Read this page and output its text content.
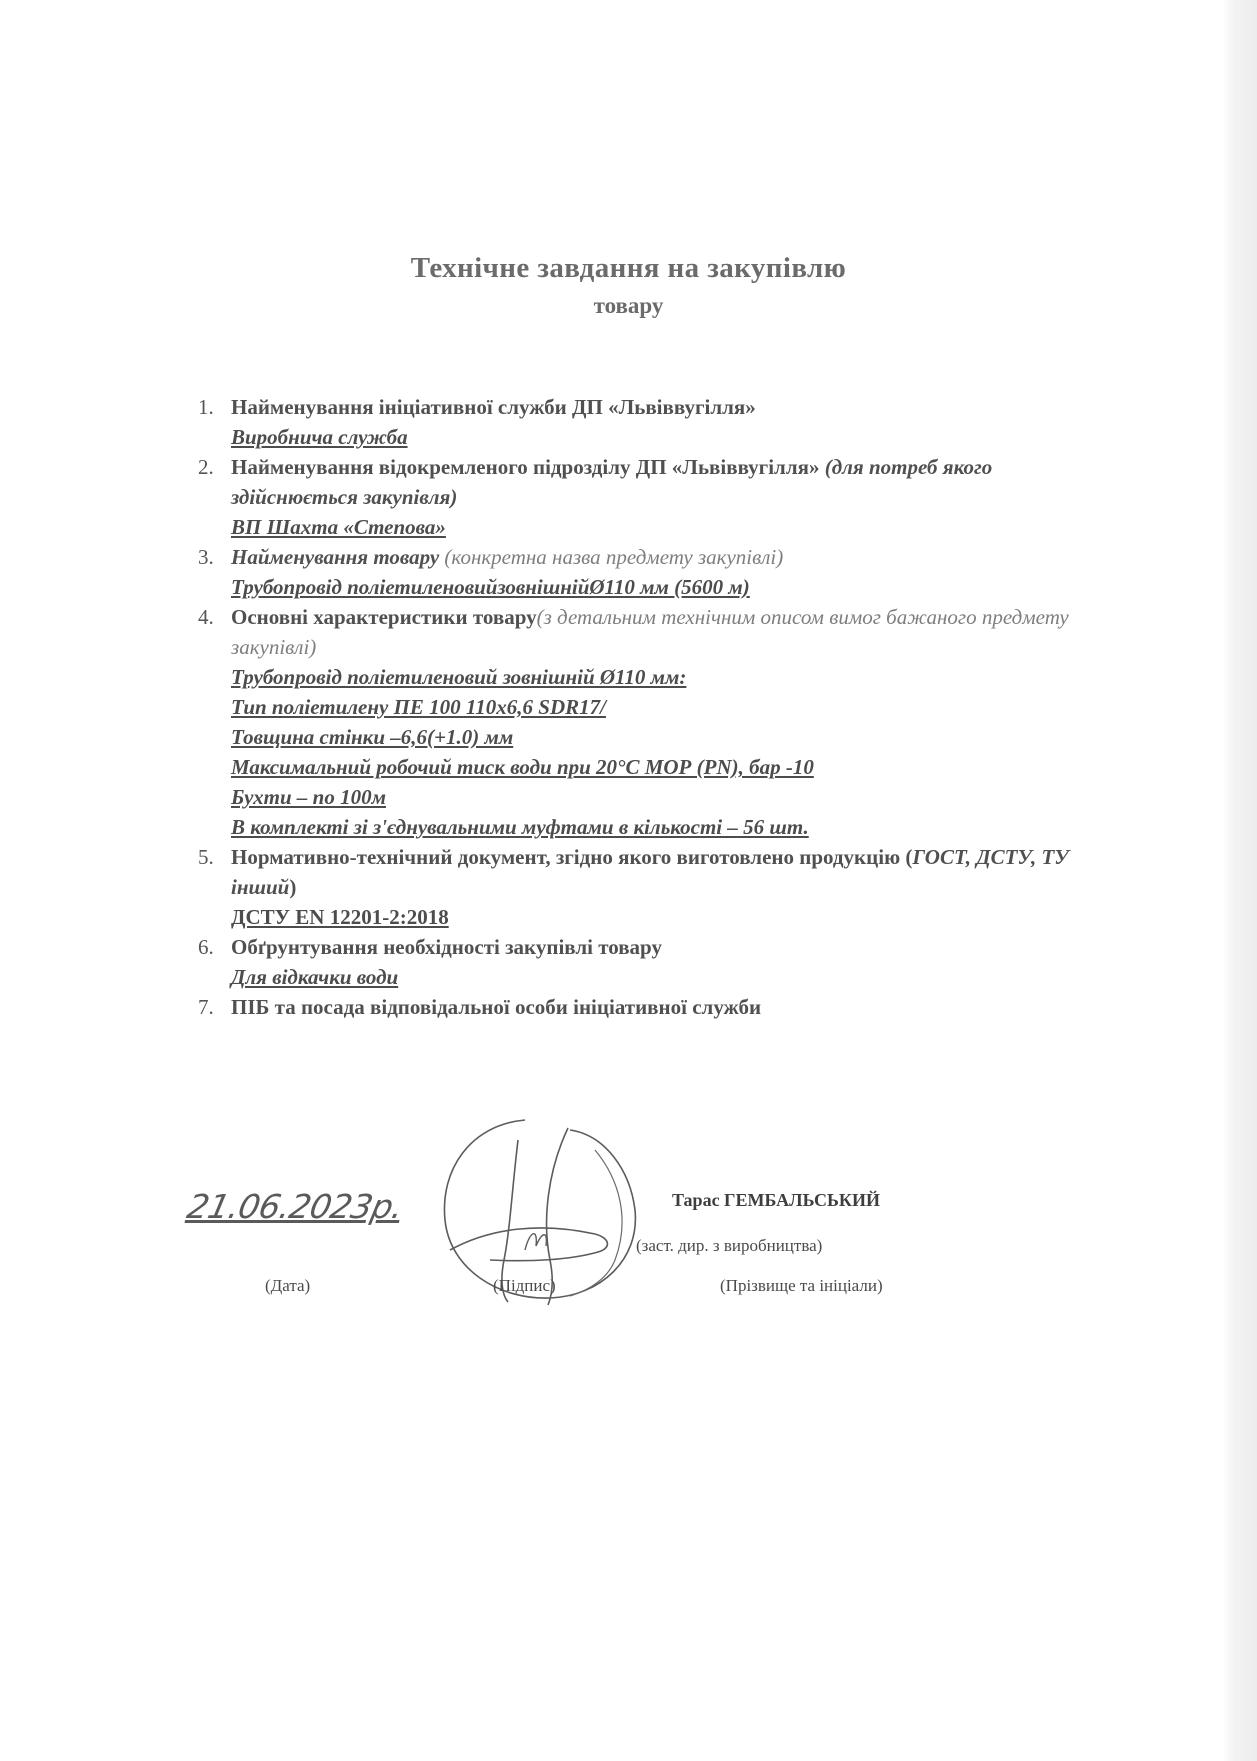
Технічне завдання на закупівлю
товару
1. Найменування ініціативної служби ДП «Львіввугілля»
Виробнича служба
2. Найменування відокремленого підрозділу ДП «Львіввугілля» (для потреб якого здійснюється закупівля)
ВП Шахта «Степова»
3. Найменування товару (конкретна назва предмету закупівлі)
Трубопровід поліетиленовийзовнішнійØ110 мм (5600 м)
4. Основні характеристики товару(з детальним технічним описом вимог бажаного предмету закупівлі)
Трубопровід поліетиленовий зовнішній Ø110 мм:
Тип поліетилену ПЕ 100 110х6,6 SDR17/
Товщина стінки –6,6(+1.0) мм
Максимальний робочий тиск води при 20°С МОР (PN), бар -10
Бухти – по 100м
В комплекті зі з'єднувальними муфтами в кількості – 56 шт.
5. Нормативно-технічний документ, згідно якого виготовлено продукцію (ГОСТ, ДСТУ, ТУ інший)
ДСТУ EN 12201-2:2018
6. Обґрунтування необхідності закупівлі товару
Для відкачки води
7. ПІБ та посада відповідальної особи ініціативної служби
21.06.2023р.	Тарас ГЕМБАЛЬСЬКИЙ
(заст. дир. з виробництва)
(Дата)	(Підпис)	(Прізвище та ініціали)
